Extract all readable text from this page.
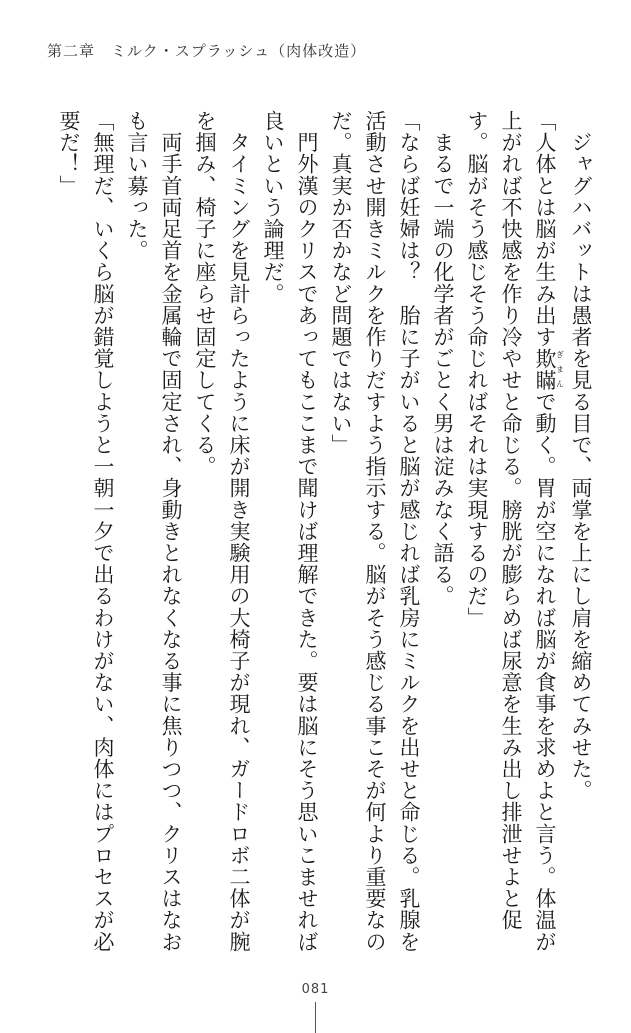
第二章　ミルク・スプラッシュ（肉体改造）

　ジャグハバットは愚者を見る目で、両掌を上にし肩を縮めてみせた。

「人体とは脳が生み出す欺瞞ぎまんで動く。胃が空になれば脳が食事を求めよと言う。体温が上がれば不快感を作り冷やせと命じる。膀胱が膨らめば尿意を生み出し排泄せよと促す。脳がそう感じそう命じればそれは実現するのだ」

　まるで一端の化学者がごとく男は淀みなく語る。

「ならば妊婦は？　胎に子がいると脳が感じれば乳房にミルクを出せと命じる。乳腺を活動させ開きミルクを作りだすよう指示する。脳がそう感じる事こそが何より重要なのだ。真実か否かなど問題ではない」

　門外漢のクリスであってもここまで聞けば理解できた。要は脳にそう思いこませれば良いという論理だ。

　タイミングを見計らったように床が開き実験用の大椅子が現れ、ガードロボ二体が腕を掴み、椅子に座らせ固定してくる。

　両手首両足首を金属輪で固定され、身動きとれなくなる事に焦りつつ、クリスはなおも言い募った。

「無理だ、いくら脳が錯覚しようと一朝一夕で出るわけがない、肉体にはプロセスが必要だ！」

081
